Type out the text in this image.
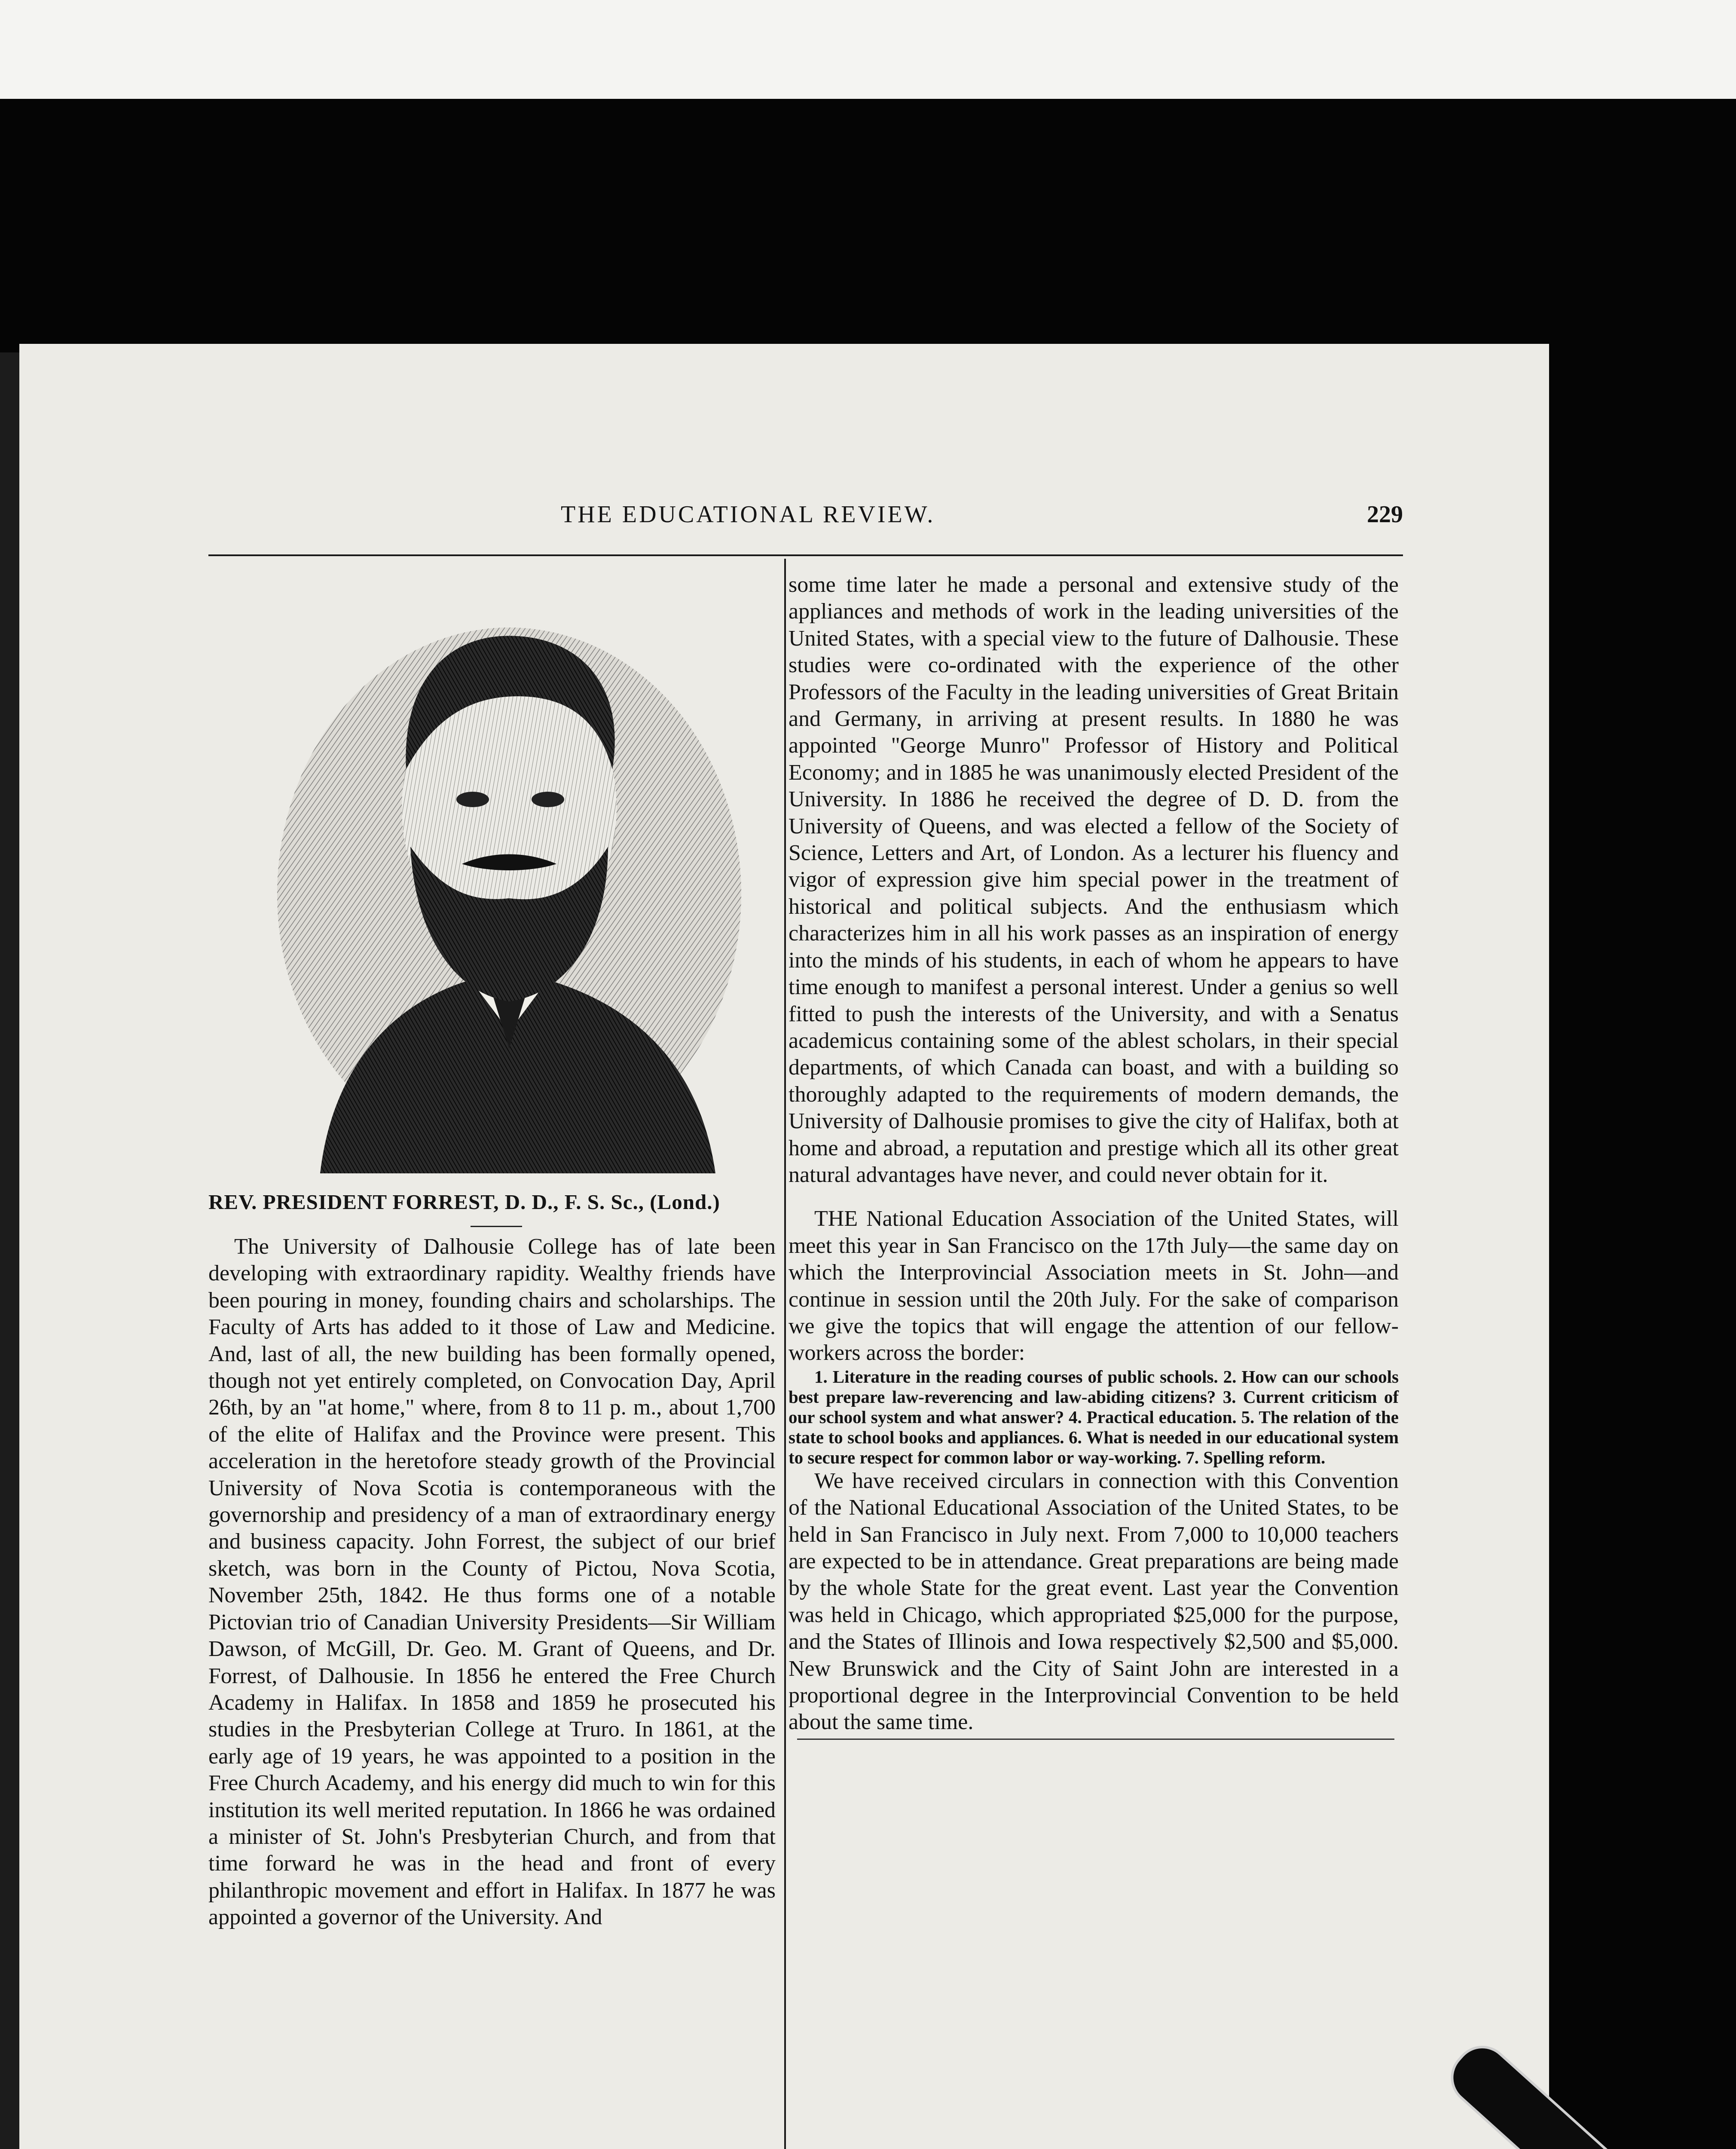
THE EDUCATIONAL REVIEW.	229
REV. PRESIDENT FORREST, D. D., F. S. Sc., (Lond.)

The University of Dalhousie College has of late been developing with extraordinary rapidity. Wealthy friends have been pouring in money, founding chairs and scholarships. The Faculty of Arts has added to it those of Law and Medicine. And, last of all, the new building has been formally opened, though not yet entirely completed, on Convocation Day, April 26th, by an "at home," where, from 8 to 11 p. m., about 1,700 of the elite of Halifax and the Province were present. This acceleration in the heretofore steady growth of the Provincial University of Nova Scotia is contemporaneous with the governorship and presidency of a man of extraordinary energy and business capacity. John Forrest, the subject of our brief sketch, was born in the County of Pictou, Nova Scotia, November 25th, 1842. He thus forms one of a notable Pictovian trio of Canadian University Presidents—Sir William Dawson, of McGill, Dr. Geo. M. Grant of Queens, and Dr. Forrest, of Dalhousie. In 1856 he entered the Free Church Academy in Halifax. In 1858 and 1859 he prosecuted his studies in the Presbyterian College at Truro. In 1861, at the early age of 19 years, he was appointed to a position in the Free Church Academy, and his energy did much to win for this institution its well merited reputation. In 1866 he was ordained a minister of St. John's Presbyterian Church, and from that time forward he was in the head and front of every philanthropic movement and effort in Halifax. In 1877 he was appointed a governor of the University. And

some time later he made a personal and extensive study of the appliances and methods of work in the leading universities of the United States, with a special view to the future of Dalhousie. These studies were co-ordinated with the experience of the other Professors of the Faculty in the leading universities of Great Britain and Germany, in arriving at present results. In 1880 he was appointed "George Munro" Professor of History and Political Economy; and in 1885 he was unanimously elected President of the University. In 1886 he received the degree of D. D. from the University of Queens, and was elected a fellow of the Society of Science, Letters and Art, of London. As a lecturer his fluency and vigor of expression give him special power in the treatment of historical and political subjects. And the enthusiasm which characterizes him in all his work passes as an inspiration of energy into the minds of his students, in each of whom he appears to have time enough to manifest a personal interest. Under a genius so well fitted to push the interests of the University, and with a Senatus academicus containing some of the ablest scholars, in their special departments, of which Canada can boast, and with a building so thoroughly adapted to the requirements of modern demands, the University of Dalhousie promises to give the city of Halifax, both at home and abroad, a reputation and prestige which all its other great natural advantages have never, and could never obtain for it.

THE National Education Association of the United States, will meet this year in San Francisco on the 17th July—the same day on which the Interprovincial Association meets in St. John—and continue in session until the 20th July. For the sake of comparison we give the topics that will engage the attention of our fellow-workers across the border:

1. Literature in the reading courses of public schools. 2. How can our schools best prepare law-reverencing and law-abiding citizens? 3. Current criticism of our school system and what answer? 4. Practical education. 5. The relation of the state to school books and appliances. 6. What is needed in our educational system to secure respect for common labor or way-working. 7. Spelling reform.

We have received circulars in connection with this Convention of the National Educational Association of the United States, to be held in San Francisco in July next. From 7,000 to 10,000 teachers are expected to be in attendance. Great preparations are being made by the whole State for the great event. Last year the Convention was held in Chicago, which appropriated $25,000 for the purpose, and the States of Illinois and Iowa respectively $2,500 and $5,000. New Brunswick and the City of Saint John are interested in a proportional degree in the Interprovincial Convention to be held about the same time.
